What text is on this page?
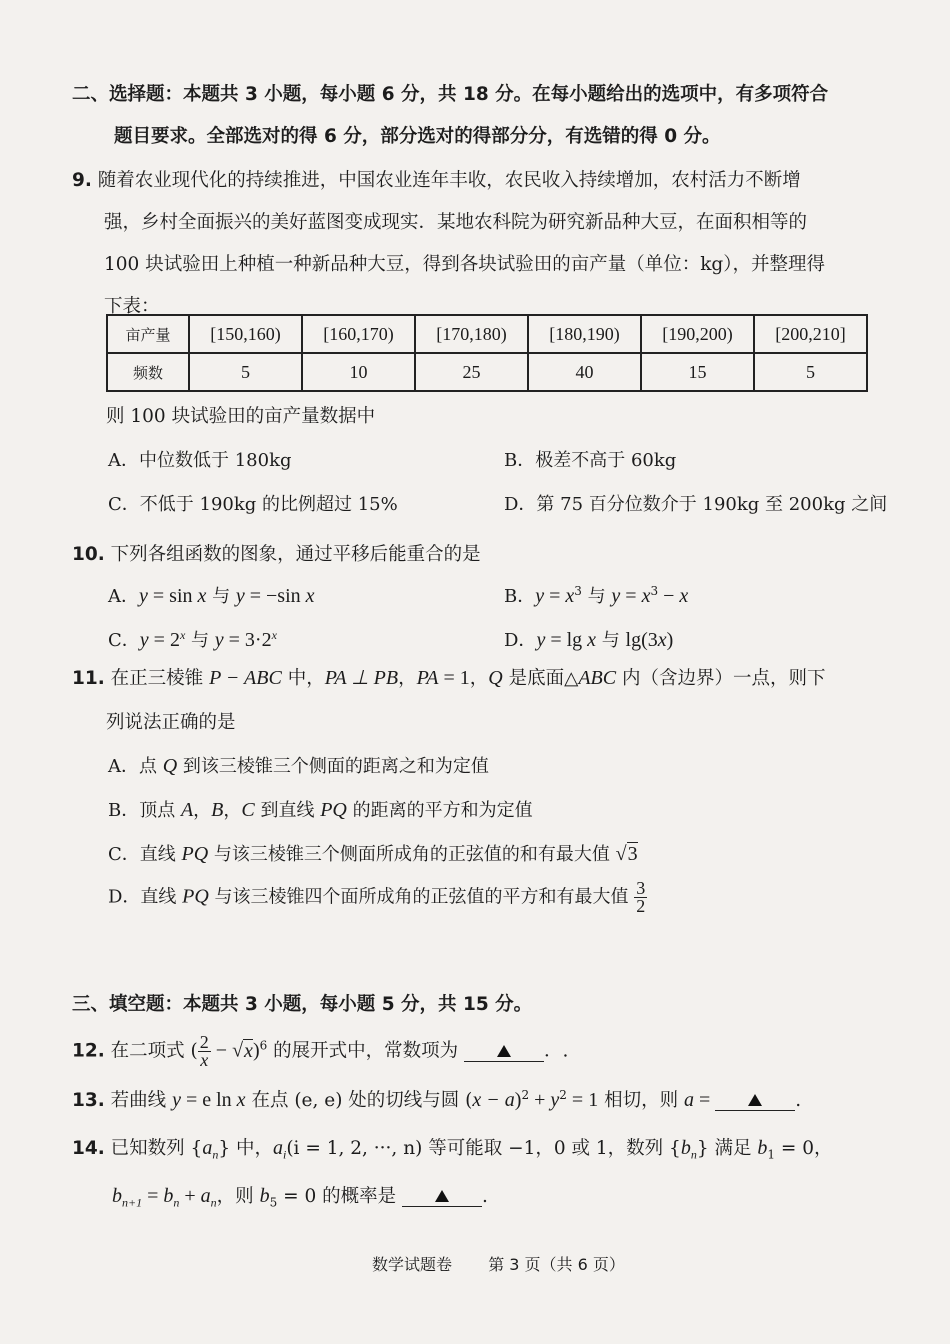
二、选择题：本题共 3 小题，每小题 6 分，共 18 分。在每小题给出的选项中，有多项符合
题目要求。全部选对的得 6 分，部分选对的得部分分，有选错的得 0 分。
9. 随着农业现代化的持续推进，中国农业连年丰收，农民收入持续增加，农村活力不断增
强，乡村全面振兴的美好蓝图变成现实．某地农科院为研究新品种大豆，在面积相等的
100 块试验田上种植一种新品种大豆，得到各块试验田的亩产量（单位：kg），并整理得
下表：
亩产量	[150,160)	[160,170)	[170,180)	[180,190)	[190,200)	[200,210]
频数	5	10	25	40	15	5
则 100 块试验田的亩产量数据中
A．中位数低于 180kg	B．极差不高于 60kg
C．不低于 190kg 的比例超过 15%	D．第 75 百分位数介于 190kg 至 200kg 之间
10. 下列各组函数的图象，通过平移后能重合的是
A．y = sin x 与 y = −sin x	B．$y = x^3$ 与 $y = x^3 - x$
C．$y = 2^x$ 与 $y = 3\cdot 2^x$	D．y = lg x 与 lg(3x)
11. 在正三棱锥 P − ABC 中，PA ⊥ PB，PA = 1，Q 是底面△ABC 内（含边界）一点，则下
列说法正确的是
A．点 Q 到该三棱锥三个侧面的距离之和为定值
B．顶点 A，B，C 到直线 PQ 的距离的平方和为定值
C．直线 PQ 与该三棱锥三个侧面所成角的正弦值的和有最大值 √3
D．直线 PQ 与该三棱锥四个面所成角的正弦值的平方和有最大值 $\frac{3}{2}$
三、填空题：本题共 3 小题，每小题 5 分，共 15 分。
12. 在二项式 ( $\frac{2}{x} - √x)^6$ 的展开式中，常数项为	．.
13. 若曲线 y = e ln x 在点 (e, e) 处的切线与圆 $(x - a)^2 + y^2 = 1$ 相切，则 a =	.
14. 已知数列 $\{a_n\}$ 中，$a_i(i = 1$, 2, ···, n) 等可能取 −1，0 或 1，数列 $\{b_n\}$ 满足 $b_1 = 0$，
$b_{n+1} = b_n + a_n$，则 $b_5 = 0$ 的概率是	.
数学试题卷 第 3 页（共 6 页）
